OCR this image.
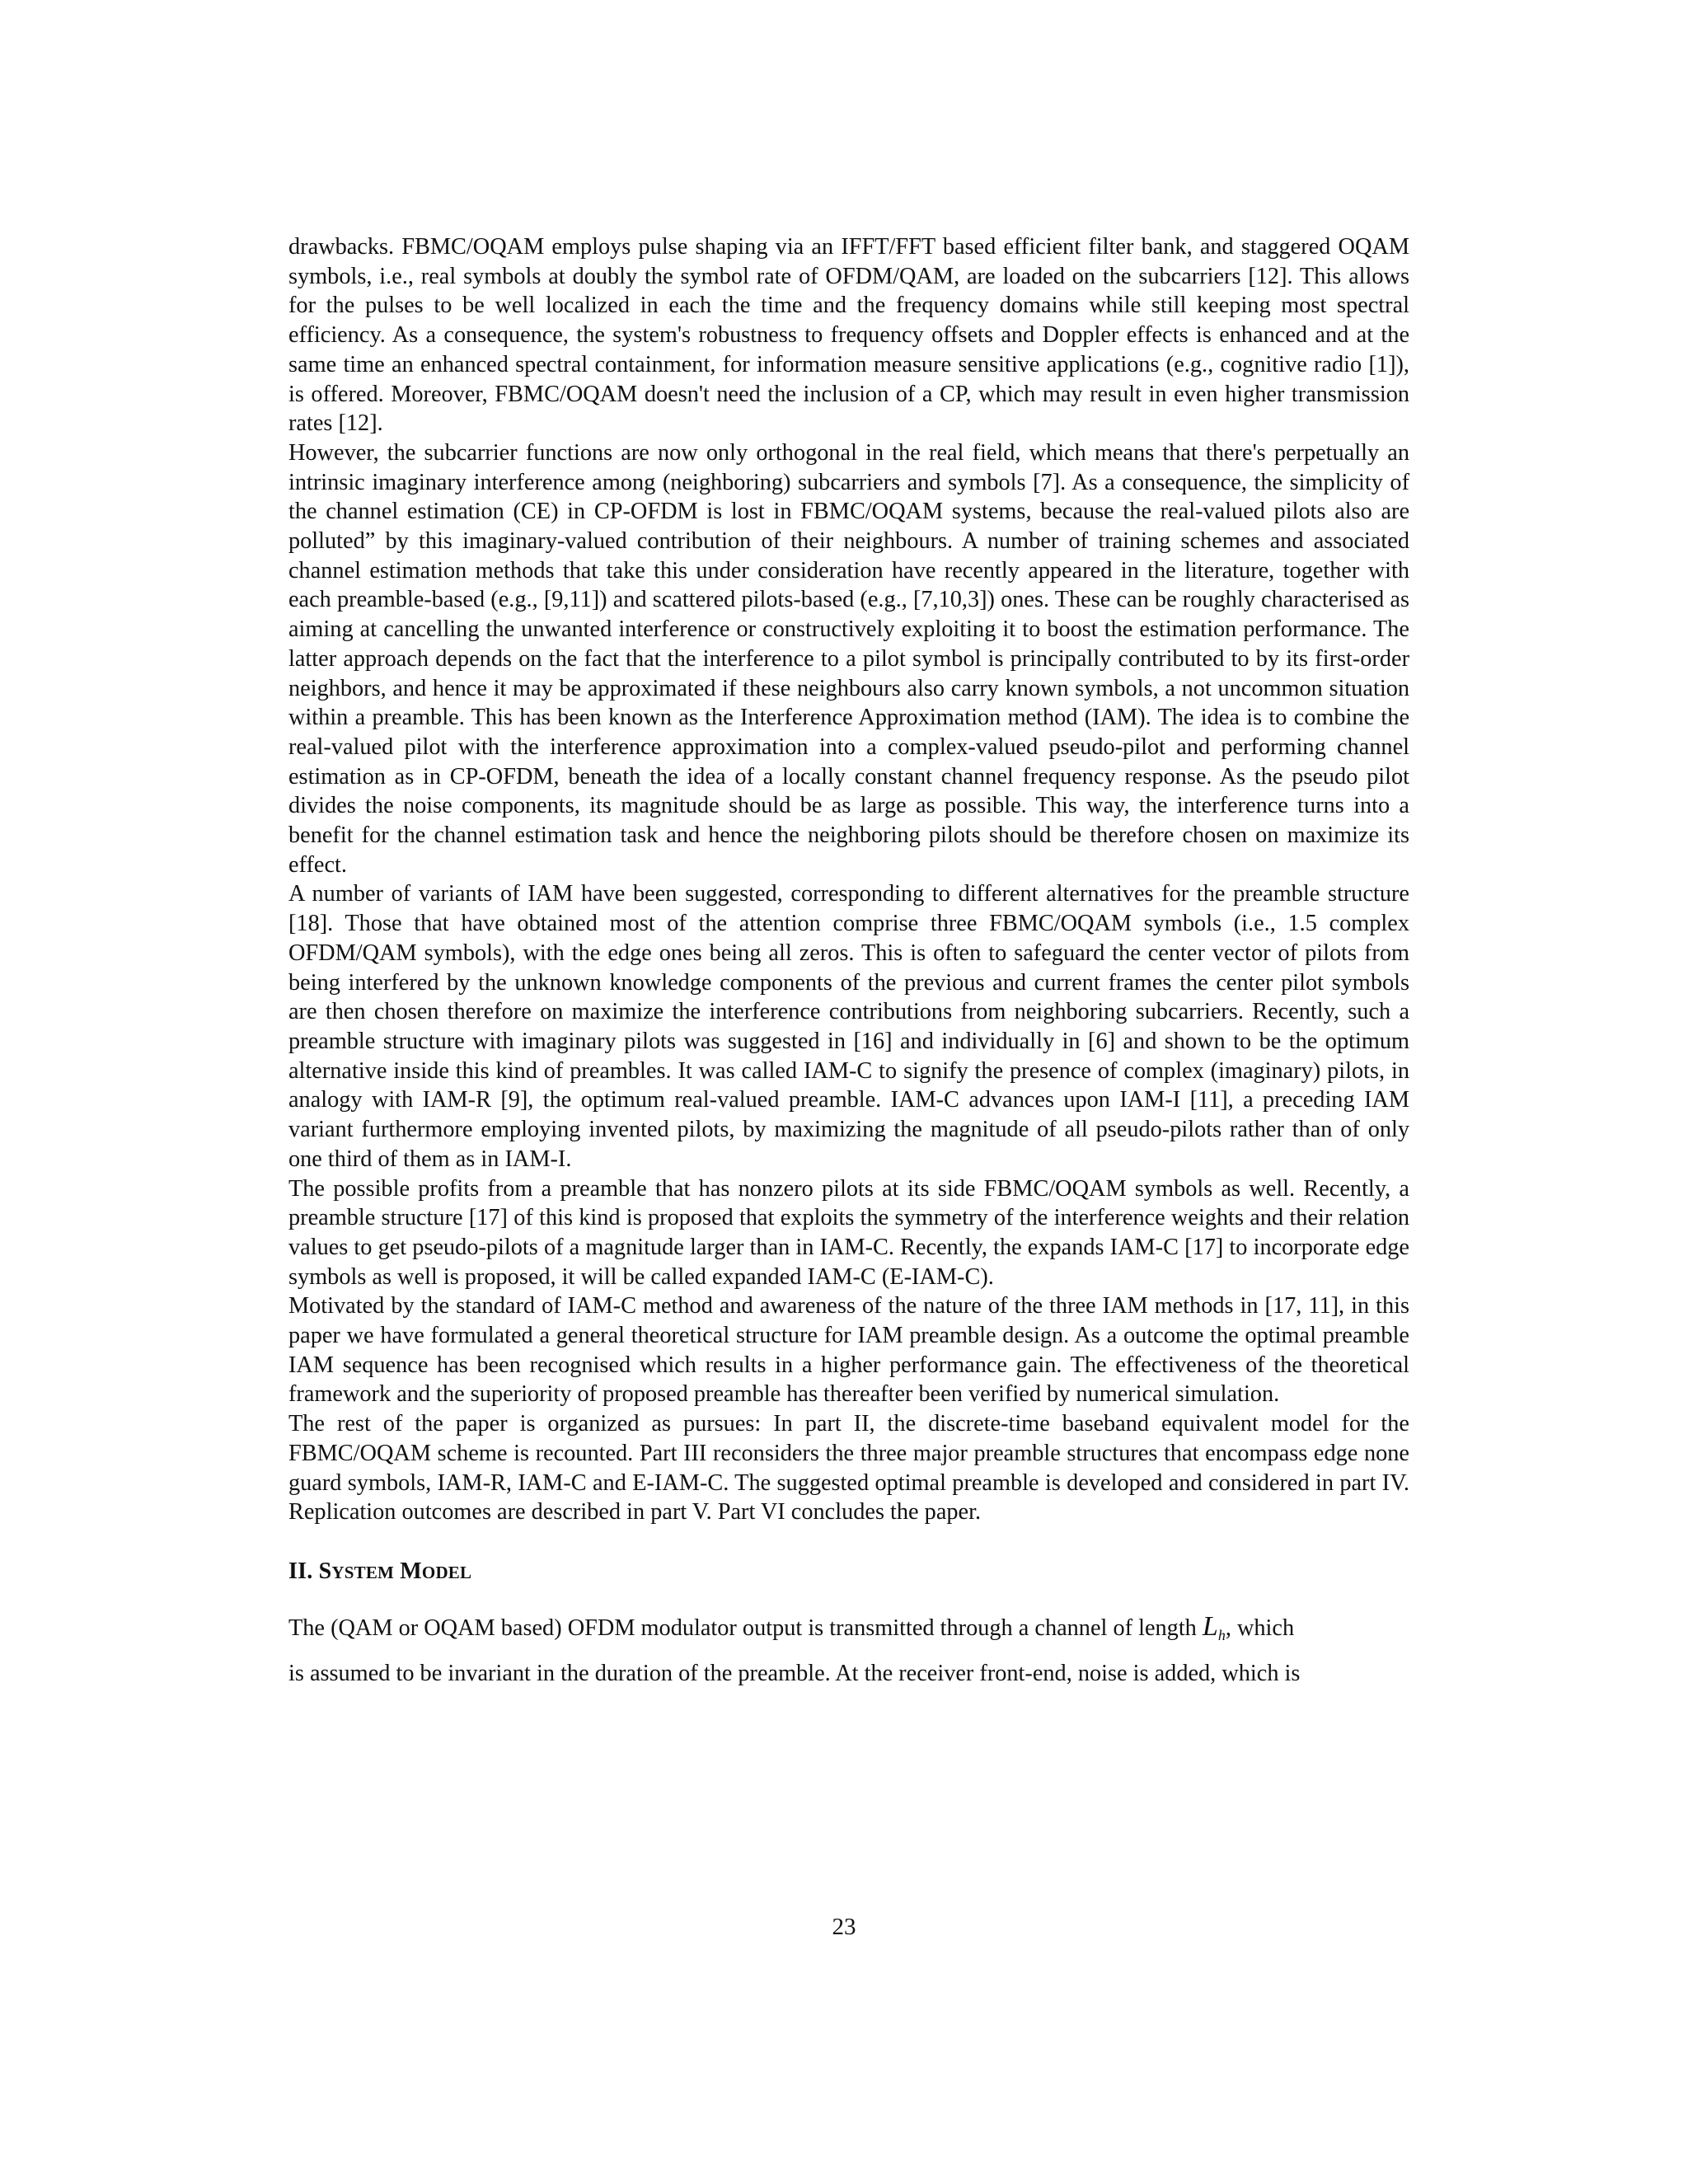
drawbacks. FBMC/OQAM employs pulse shaping via an IFFT/FFT based efficient filter bank, and staggered OQAM symbols, i.e., real symbols at doubly the symbol rate of OFDM/QAM, are loaded on the subcarriers [12]. This allows for the pulses to be well localized in each the time and the frequency domains while still keeping most spectral efficiency. As a consequence, the system's robustness to frequency offsets and Doppler effects is enhanced and at the same time an enhanced spectral containment, for information measure sensitive applications (e.g., cognitive radio [1]), is offered. Moreover, FBMC/OQAM doesn't need the inclusion of a CP, which may result in even higher transmission rates [12].

However, the subcarrier functions are now only orthogonal in the real field, which means that there's perpetually an intrinsic imaginary interference among (neighboring) subcarriers and symbols [7]. As a consequence, the simplicity of the channel estimation (CE) in CP-OFDM is lost in FBMC/OQAM systems, because the real-valued pilots also are polluted” by this imaginary-valued contribution of their neighbours. A number of training schemes and associated channel estimation methods that take this under consideration have recently appeared in the literature, together with each preamble-based (e.g., [9,11]) and scattered pilots-based (e.g., [7,10,3]) ones. These can be roughly characterised as aiming at cancelling the unwanted interference or constructively exploiting it to boost the estimation performance. The latter approach depends on the fact that the interference to a pilot symbol is principally contributed to by its first-order neighbors, and hence it may be approximated if these neighbours also carry known symbols, a not uncommon situation within a preamble. This has been known as the Interference Approximation method (IAM). The idea is to combine the real-valued pilot with the interference approximation into a complex-valued pseudo-pilot and performing channel estimation as in CP-OFDM, beneath the idea of a locally constant channel frequency response. As the pseudo pilot divides the noise components, its magnitude should be as large as possible. This way, the interference turns into a benefit for the channel estimation task and hence the neighboring pilots should be therefore chosen on maximize its effect.

A number of variants of IAM have been suggested, corresponding to different alternatives for the preamble structure [18]. Those that have obtained most of the attention comprise three FBMC/OQAM symbols (i.e., 1.5 complex OFDM/QAM symbols), with the edge ones being all zeros. This is often to safeguard the center vector of pilots from being interfered by the unknown knowledge components of the previous and current frames the center pilot symbols are then chosen therefore on maximize the interference contributions from neighboring subcarriers. Recently, such a preamble structure with imaginary pilots was suggested in [16] and individually in [6] and shown to be the optimum alternative inside this kind of preambles. It was called IAM-C to signify the presence of complex (imaginary) pilots, in analogy with IAM-R [9], the optimum real-valued preamble. IAM-C advances upon IAM-I [11], a preceding IAM variant furthermore employing invented pilots, by maximizing the magnitude of all pseudo-pilots rather than of only one third of them as in IAM-I.

The possible profits from a preamble that has nonzero pilots at its side FBMC/OQAM symbols as well. Recently, a preamble structure [17] of this kind is proposed that exploits the symmetry of the interference weights and their relation values to get pseudo-pilots of a magnitude larger than in IAM-C. Recently, the expands IAM-C [17] to incorporate edge symbols as well is proposed, it will be called expanded IAM-C (E-IAM-C).

Motivated by the standard of IAM-C method and awareness of the nature of the three IAM methods in [17, 11], in this paper we have formulated a general theoretical structure for IAM preamble design. As a outcome the optimal preamble IAM sequence has been recognised which results in a higher performance gain. The effectiveness of the theoretical framework and the superiority of proposed preamble has thereafter been verified by numerical simulation.

The rest of the paper is organized as pursues: In part II, the discrete-time baseband equivalent model for the FBMC/OQAM scheme is recounted. Part III reconsiders the three major preamble structures that encompass edge none guard symbols, IAM-R, IAM-C and E-IAM-C. The suggested optimal preamble is developed and considered in part IV. Replication outcomes are described in part V. Part VI concludes the paper.

II. SYSTEM MODEL

The (QAM or OQAM based) OFDM modulator output is transmitted through a channel of length $L_h$, which

is assumed to be invariant in the duration of the preamble. At the receiver front-end, noise is added, which is

23
